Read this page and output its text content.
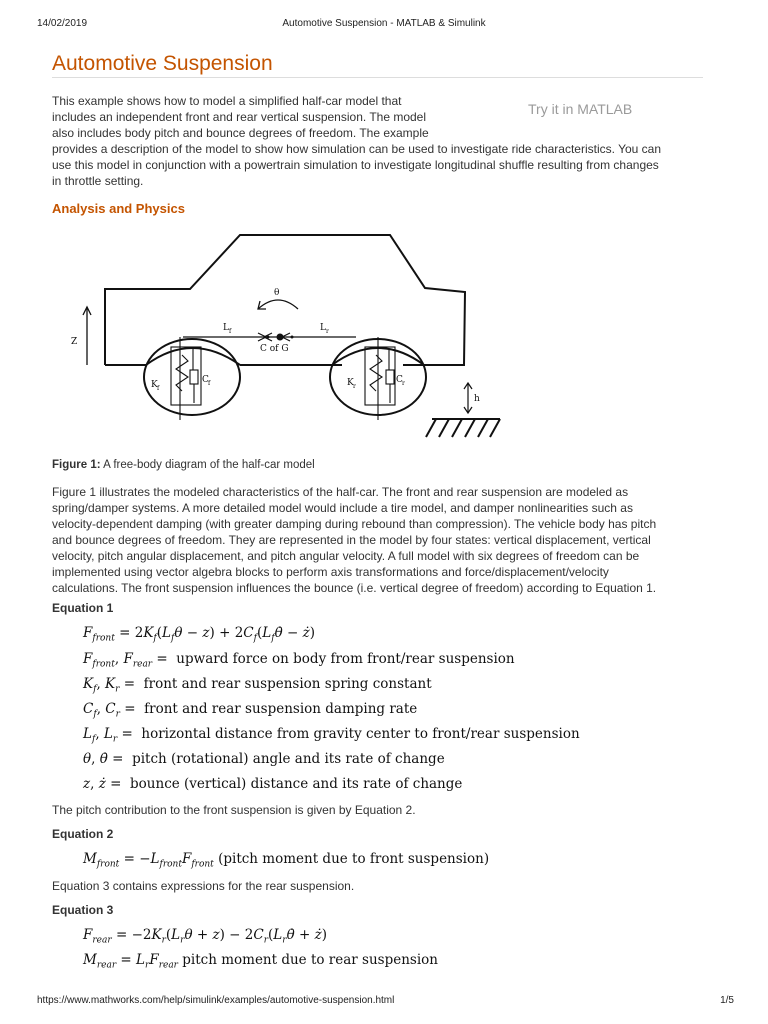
14/02/2019	Automotive Suspension - MATLAB & Simulink
Automotive Suspension
This example shows how to model a simplified half-car model that
includes an independent front and rear vertical suspension. The model
also includes body pitch and bounce degrees of freedom. The example
provides a description of the model to show how simulation can be used to investigate ride characteristics. You can
use this model in conjunction with a powertrain simulation to investigate longitudinal shuffle resulting from changes
in throttle setting.
Try it in MATLAB
Analysis and Physics
Z
θ
L f	L r
C of G
K f
C f	K r
C r
h
Figure 1: A free-body diagram of the half-car model
Figure 1 illustrates the modeled characteristics of the half-car. The front and rear suspension are modeled as
spring/damper systems. A more detailed model would include a tire model, and damper nonlinearities such as
velocity-dependent damping (with greater damping during rebound than compression). The vehicle body has pitch
and bounce degrees of freedom. They are represented in the model by four states: vertical displacement, vertical
velocity, pitch angular displacement, and pitch angular velocity. A full model with six degrees of freedom can be
implemented using vector algebra blocks to perform axis transformations and force/displacement/velocity
calculations. The front suspension influences the bounce (i.e. vertical degree of freedom) according to Equation 1.
Equation 1
$F_{front} = 2K_f(L_f\theta - z)$ + $2C_f(L_f\thetȧ$ − ż)
$F_{front}$, $F_{rear}$ =  upward force on body from front/rear suspension
$K_f$, $K_r$ =  front and rear suspension spring constant
$C_f$, $C_r$ =  front and rear suspension damping rate
$L_f$, $L_r$ =  horizontal distance from gravity center to front/rear suspension
θ, θ̇ =  pitch (rotational) angle and its rate of change
z, ż =  bounce (vertical) distance and its rate of change
The pitch contribution to the front suspension is given by Equation 2.
Equation 2
$M_{front} = -L_{front}F_{front}$ (pitch moment due to front suspension)
Equation 3 contains expressions for the rear suspension.
Equation 3
$F_{rear} = -2K_r(L_r\theta + z)$ − $2C_r(L_r\thetȧ$ + ż)
$M_{rear} = L_rF_{rear}$ pitch moment due to rear suspension
https://www.mathworks.com/help/simulink/examples/automotive-suspension.html	1/5
